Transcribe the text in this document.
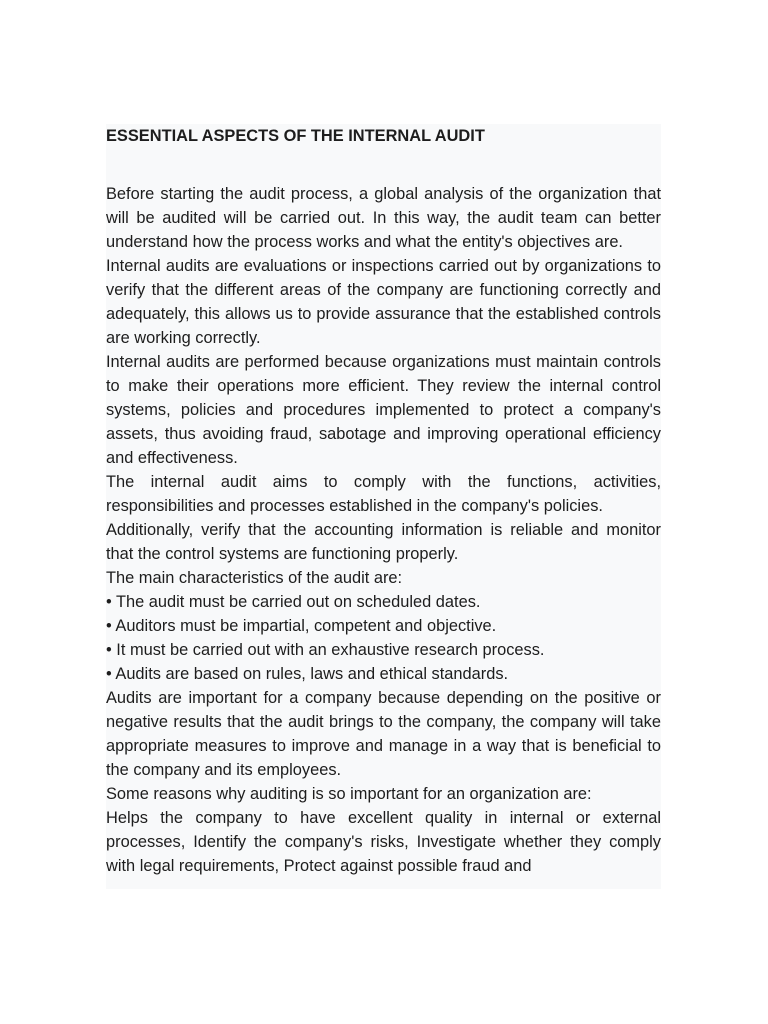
ESSENTIAL ASPECTS OF THE INTERNAL AUDIT

Before starting the audit process, a global analysis of the organization that will be audited will be carried out. In this way, the audit team can better understand how the process works and what the entity's objectives are.

Internal audits are evaluations or inspections carried out by organizations to verify that the different areas of the company are functioning correctly and adequately, this allows us to provide assurance that the established controls are working correctly.

Internal audits are performed because organizations must maintain controls to make their operations more efficient. They review the internal control systems, policies and procedures implemented to protect a company's assets, thus avoiding fraud, sabotage and improving operational efficiency and effectiveness.

The internal audit aims to comply with the functions, activities, responsibilities and processes established in the company's policies.

Additionally, verify that the accounting information is reliable and monitor that the control systems are functioning properly.

The main characteristics of the audit are:

• The audit must be carried out on scheduled dates.

• Auditors must be impartial, competent and objective.

• It must be carried out with an exhaustive research process.

• Audits are based on rules, laws and ethical standards.

Audits are important for a company because depending on the positive or negative results that the audit brings to the company, the company will take appropriate measures to improve and manage in a way that is beneficial to the company and its employees.

Some reasons why auditing is so important for an organization are:

Helps the company to have excellent quality in internal or external processes, Identify the company's risks, Investigate whether they comply with legal requirements, Protect against possible fraud and
